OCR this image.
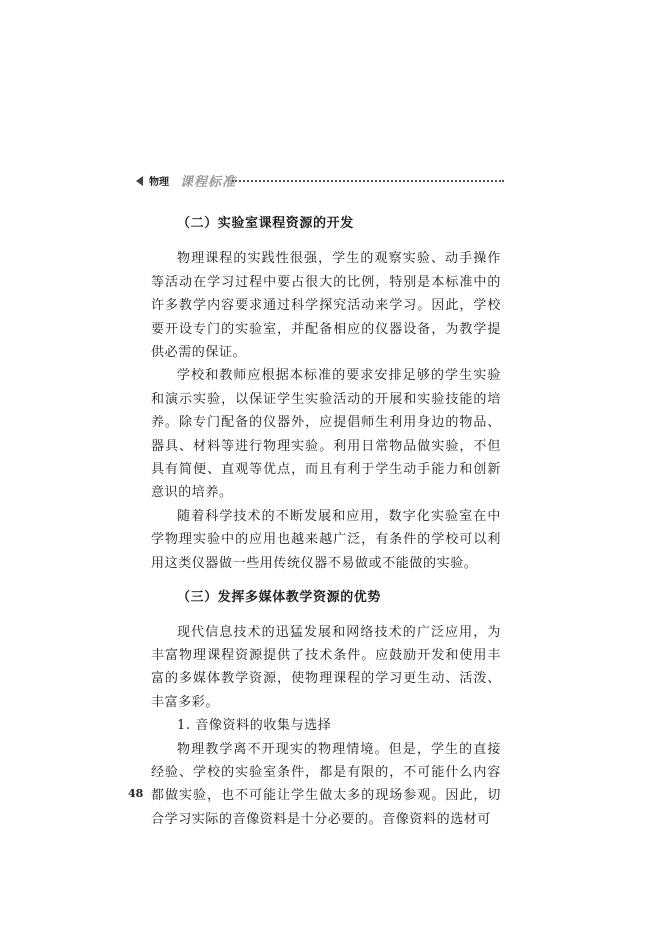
物理 课程标准

（二）实验室课程资源的开发

物理课程的实践性很强，学生的观察实验、动手操作等活动在学习过程中要占很大的比例，特别是本标准中的许多教学内容要求通过科学探究活动来学习。因此，学校要开设专门的实验室，并配备相应的仪器设备，为教学提供必需的保证。

学校和教师应根据本标准的要求安排足够的学生实验和演示实验，以保证学生实验活动的开展和实验技能的培养。除专门配备的仪器外，应提倡师生利用身边的物品、器具、材料等进行物理实验。利用日常物品做实验，不但具有简便、直观等优点，而且有利于学生动手能力和创新意识的培养。

随着科学技术的不断发展和应用，数字化实验室在中学物理实验中的应用也越来越广泛，有条件的学校可以利用这类仪器做一些用传统仪器不易做或不能做的实验。

（三）发挥多媒体教学资源的优势

现代信息技术的迅猛发展和网络技术的广泛应用，为丰富物理课程资源提供了技术条件。应鼓励开发和使用丰富的多媒体教学资源，使物理课程的学习更生动、活泼、丰富多彩。

1. 音像资料的收集与选择

物理教学离不开现实的物理情境。但是，学生的直接经验、学校的实验室条件，都是有限的，不可能什么内容都做实验，也不可能让学生做太多的现场参观。因此，切合学习实际的音像资料是十分必要的。音像资料的选材可

48
